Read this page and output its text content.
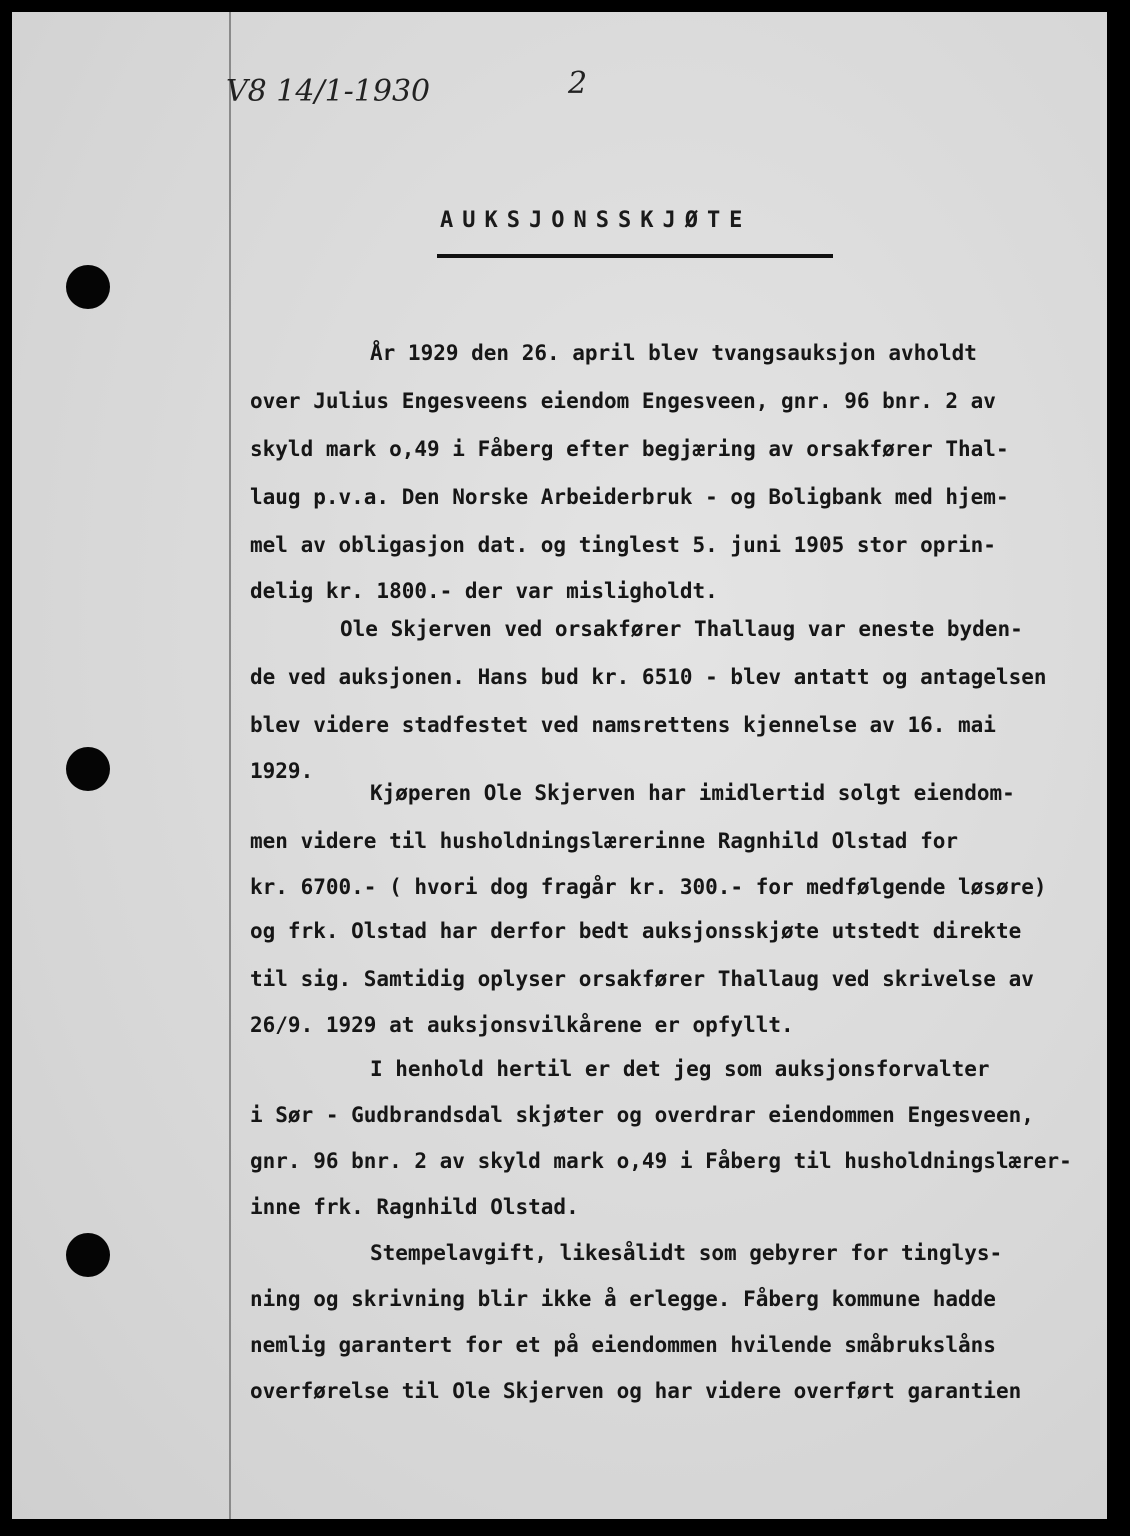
V8 14/1-1930	2
AUKSJONSSKJØTE
År 1929 den 26. april blev tvangsauksjon avholdt
over Julius Engesveens eiendom Engesveen, gnr. 96 bnr. 2 av
skyld mark o,49 i Fåberg efter begjæring av orsakfører Thal-
laug p.v.a. Den Norske Arbeiderbruk - og Boligbank med hjem-
mel av obligasjon dat. og tinglest 5. juni 1905 stor oprin-
delig kr. 1800.- der var misligholdt.
Ole Skjerven ved orsakfører Thallaug var eneste byden-
de ved auksjonen. Hans bud kr. 6510 - blev antatt og antagelsen
blev videre stadfestet ved namsrettens kjennelse av 16. mai
1929.
Kjøperen Ole Skjerven har imidlertid solgt eiendom-
men videre til husholdningslærerinne Ragnhild Olstad for
kr. 6700.- ( hvori dog fragår kr. 300.- for medfølgende løsøre)
og frk. Olstad har derfor bedt auksjonsskjøte utstedt direkte
til sig. Samtidig oplyser orsakfører Thallaug ved skrivelse av
26/9. 1929 at auksjonsvilkårene er opfyllt.
I henhold hertil er det jeg som auksjonsforvalter
i Sør - Gudbrandsdal skjøter og overdrar eiendommen Engesveen,
gnr. 96 bnr. 2 av skyld mark o,49 i Fåberg til husholdningslærer-
inne frk. Ragnhild Olstad.
Stempelavgift, likesålidt som gebyrer for tinglys-
ning og skrivning blir ikke å erlegge. Fåberg kommune hadde
nemlig garantert for et på eiendommen hvilende småbrukslåns
overførelse til Ole Skjerven og har videre overført garantien
